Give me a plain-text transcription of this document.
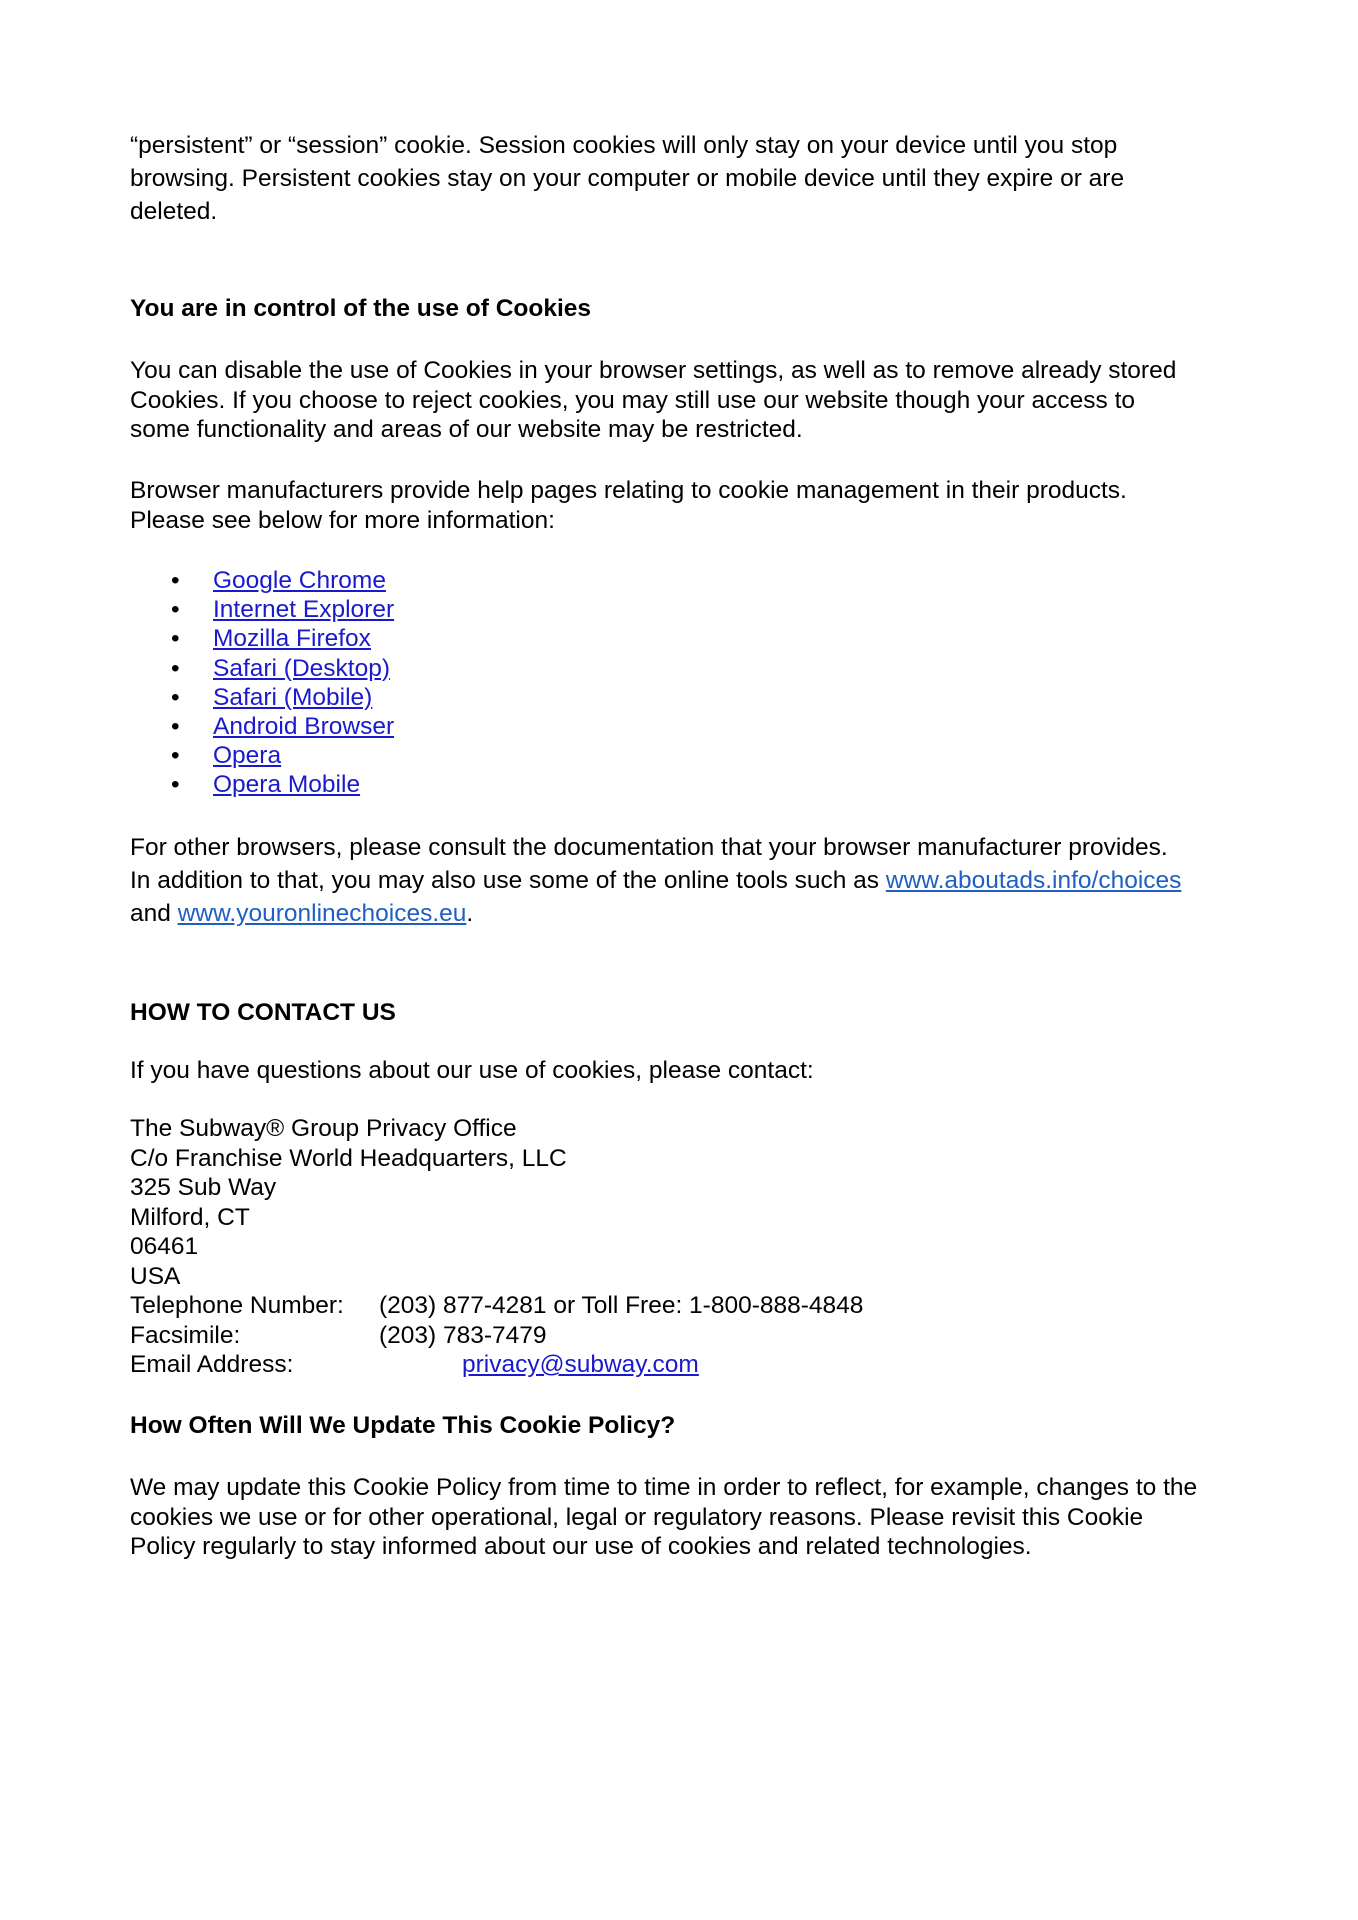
“persistent” or “session” cookie. Session cookies will only stay on your device until you stop

browsing. Persistent cookies stay on your computer or mobile device until they expire or are

deleted.

You are in control of the use of Cookies

You can disable the use of Cookies in your browser settings, as well as to remove already stored

Cookies. If you choose to reject cookies, you may still use our website though your access to

some functionality and areas of our website may be restricted.

Browser manufacturers provide help pages relating to cookie management in their products.

Please see below for more information:

• Google Chrome
• Internet Explorer
• Mozilla Firefox
• Safari (Desktop)
• Safari (Mobile)
• Android Browser
• Opera
• Opera Mobile

For other browsers, please consult the documentation that your browser manufacturer provides.

In addition to that, you may also use some of the online tools such as www.aboutads.info/choices

and www.youronlinechoices.eu.

HOW TO CONTACT US

If you have questions about our use of cookies, please contact:

The Subway® Group Privacy Office

C/o Franchise World Headquarters, LLC

325 Sub Way

Milford, CT

06461

USA

Telephone Number:	(203) 877-4281 or Toll Free: 1-800-888-4848
Facsimile:	(203) 783-7479
Email Address:	privacy@subway.com
How Often Will We Update This Cookie Policy?

We may update this Cookie Policy from time to time in order to reflect, for example, changes to the

cookies we use or for other operational, legal or regulatory reasons. Please revisit this Cookie

Policy regularly to stay informed about our use of cookies and related technologies.
